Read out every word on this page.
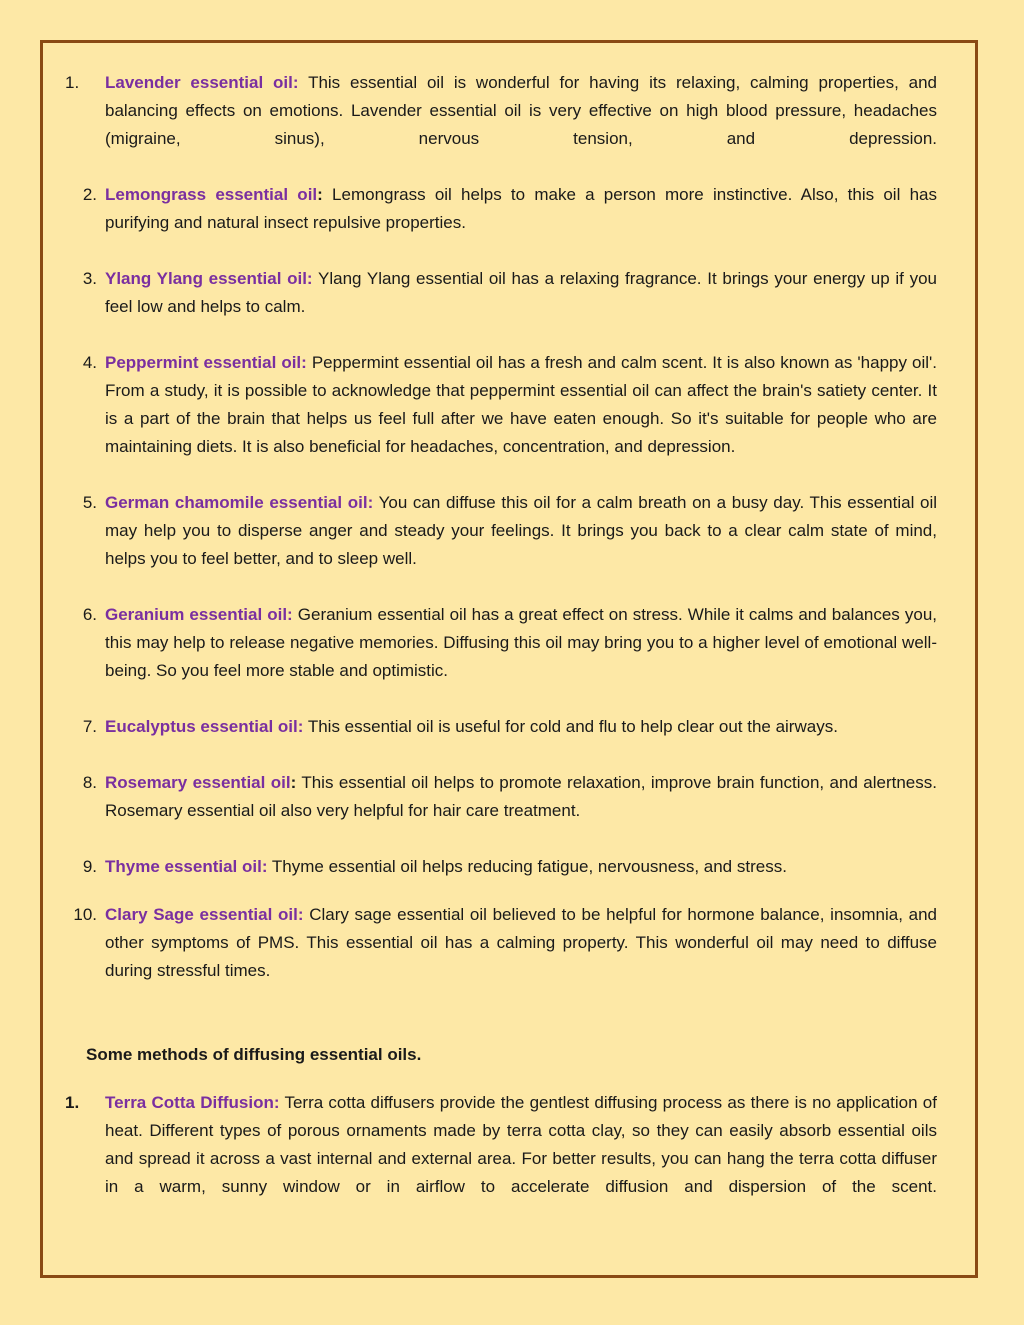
1.	Lavender essential oil: This essential oil is wonderful for having its relaxing, calming properties, and balancing effects on emotions. Lavender essential oil is very effective on high blood pressure, headaches (migraine, sinus), nervous tension, and depression.
2. Lemongrass essential oil: Lemongrass oil helps to make a person more instinctive. Also, this oil has purifying and natural insect repulsive properties.
3. Ylang Ylang essential oil: Ylang Ylang essential oil has a relaxing fragrance. It brings your energy up if you feel low and helps to calm.
4. Peppermint essential oil: Peppermint essential oil has a fresh and calm scent. It is also known as 'happy oil'. From a study, it is possible to acknowledge that peppermint essential oil can affect the brain's satiety center. It is a part of the brain that helps us feel full after we have eaten enough. So it's suitable for people who are maintaining diets. It is also beneficial for headaches, concentration, and depression.
5. German chamomile essential oil: You can diffuse this oil for a calm breath on a busy day. This essential oil may help you to disperse anger and steady your feelings. It brings you back to a clear calm state of mind, helps you to feel better, and to sleep well.
6. Geranium essential oil: Geranium essential oil has a great effect on stress. While it calms and balances you, this may help to release negative memories. Diffusing this oil may bring you to a higher level of emotional well-being. So you feel more stable and optimistic.
7. Eucalyptus essential oil: This essential oil is useful for cold and flu to help clear out the airways.
8. Rosemary essential oil: This essential oil helps to promote relaxation, improve brain function, and alertness. Rosemary essential oil also very helpful for hair care treatment.
9. Thyme essential oil: Thyme essential oil helps reducing fatigue, nervousness, and stress.
10. Clary Sage essential oil: Clary sage essential oil believed to be helpful for hormone balance, insomnia, and other symptoms of PMS. This essential oil has a calming property. This wonderful oil may need to diffuse during stressful times.
Some methods of diffusing essential oils.
1.	Terra Cotta Diffusion: Terra cotta diffusers provide the gentlest diffusing process as there is no application of heat. Different types of porous ornaments made by terra cotta clay, so they can easily absorb essential oils and spread it across a vast internal and external area. For better results, you can hang the terra cotta diffuser in a warm, sunny window or in airflow to accelerate diffusion and dispersion of the scent.
